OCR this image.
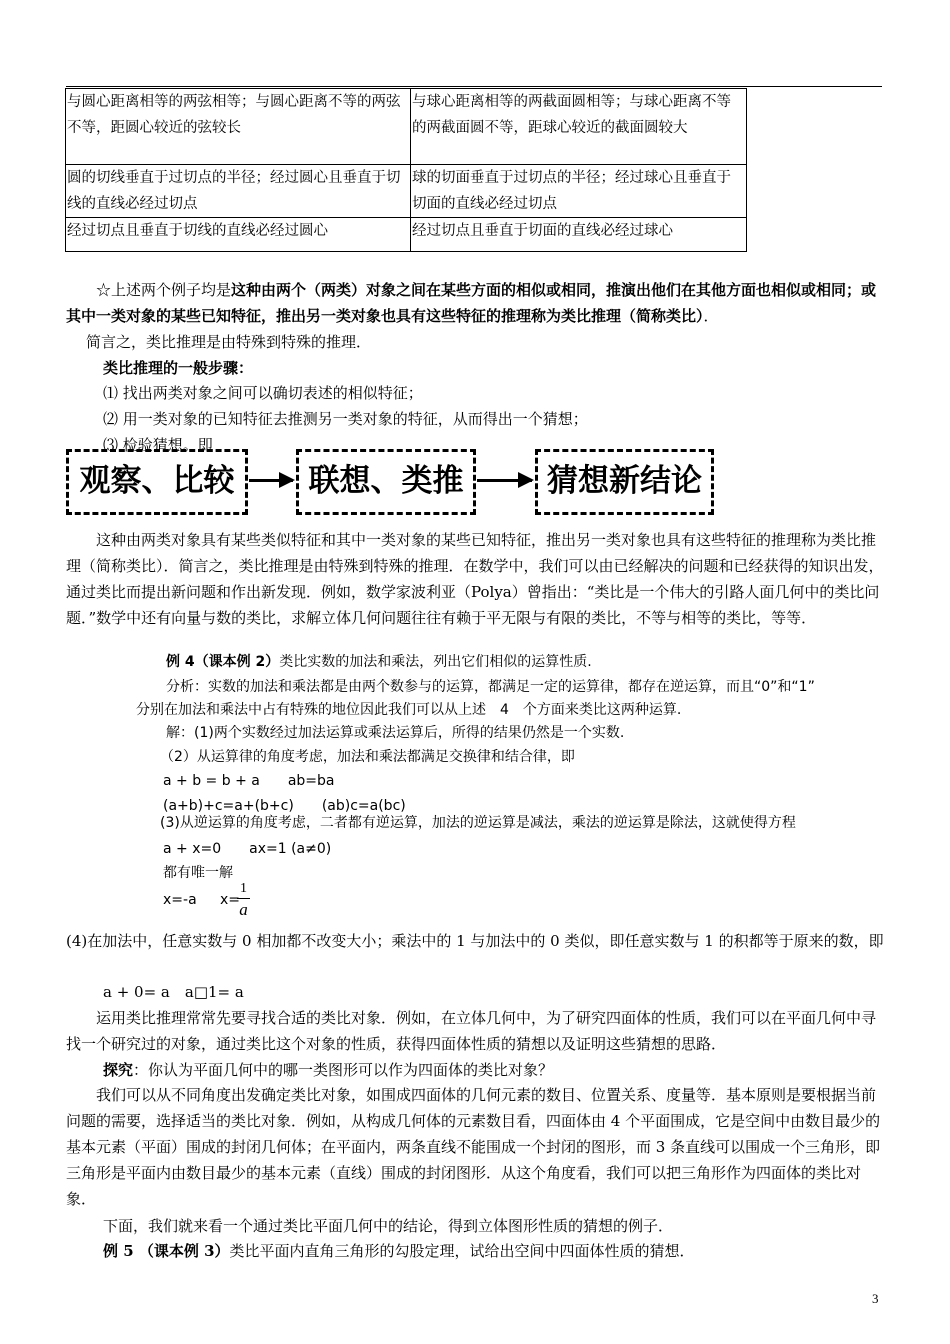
与圆心距离相等的两弦相等；与圆心距离不等的两弦不等，距圆心较近的弦较长	与球心距离相等的两截面圆相等；与球心距离不等的两截面圆不等，距球心较近的截面圆较大
圆的切线垂直于过切点的半径；经过圆心且垂直于切线的直线必经过切点	球的切面垂直于过切点的半径；经过球心且垂直于切面的直线必经过切点
经过切点且垂直于切线的直线必经过圆心	经过切点且垂直于切面的直线必经过球心
☆上述两个例子均是这种由两个（两类）对象之间在某些方面的相似或相同，推演出他们在其他方面也相似或相同；或其中一类对象的某些已知特征，推出另一类对象也具有这些特征的推理称为类比推理（简称类比）．
简言之，类比推理是由特殊到特殊的推理．
类比推理的一般步骤：
⑴ 找出两类对象之间可以确切表述的相似特征；
⑵ 用一类对象的已知特征去推测另一类对象的特征，从而得出一个猜想；
⑶ 检验猜想。即
观察、比较	联想、类推	猜想新结论
这种由两类对象具有某些类似特征和其中一类对象的某些已知特征，推出另一类对象也具有这些特征的推理称为类比推理（简称类比）．简言之，类比推理是由特殊到特殊的推理．在数学中，我们可以由已经解决的问题和已经获得的知识出发，通过类比而提出新问题和作出新发现．例如，数学家波利亚（Polya）曾指出：“类比是一个伟大的引路人面几何中的类比问题．”数学中还有向量与数的类比，求解立体几何问题往往有赖于平无限与有限的类比，不等与相等的类比，等等．
例 4（课本例 2）类比实数的加法和乘法，列出它们相似的运算性质.
分析：实数的加法和乘法都是由两个数参与的运算，都满足一定的运算律，都存在逆运算，而且“0”和“1”
分别在加法和乘法中占有特殊的地位因此我们可以从上述　4　个方面来类比这两种运算.
解：(1)两个实数经过加法运算或乘法运算后，所得的结果仍然是一个实数.
（2）从运算律的角度考虑，加法和乘法都满足交换律和结合律，即
a + b = b + a　　ab=ba
(a+b)+c=a+(b+c)　　(ab)c=a(bc)
(3)从逆运算的角度考虑，二者都有逆运算，加法的逆运算是减法，乘法的逆运算是除法，这就使得方程
a + x=0　　ax=1 (a≠0)
都有唯一解
x=-a x=
1
a
(4)在加法中，任意实数与 0 相加都不改变大小；乘法中的 1 与加法中的 0 类似，即任意实数与 1 的积都等于原来的数，即
a + 0= a　a□1= a
运用类比推理常常先要寻找合适的类比对象．例如，在立体几何中，为了研究四面体的性质，我们可以在平面几何中寻找一个研究过的对象，通过类比这个对象的性质，获得四面体性质的猜想以及证明这些猜想的思路．
探究：你认为平面几何中的哪一类图形可以作为四面体的类比对象？
我们可以从不同角度出发确定类比对象，如围成四面体的几何元素的数目、位置关系、度量等．基本原则是要根据当前问题的需要，选择适当的类比对象．例如，从构成几何体的元素数目看，四面体由 4 个平面围成，它是空间中由数目最少的基本元素（平面）围成的封闭几何体；在平面内，两条直线不能围成一个封闭的图形，而 3 条直线可以围成一个三角形，即三角形是平面内由数目最少的基本元素（直线）围成的封闭图形．从这个角度看，我们可以把三角形作为四面体的类比对象．
下面，我们就来看一个通过类比平面几何中的结论，得到立体图形性质的猜想的例子．
例 5 （课本例 3）类比平面内直角三角形的勾股定理，试给出空间中四面体性质的猜想．
3
